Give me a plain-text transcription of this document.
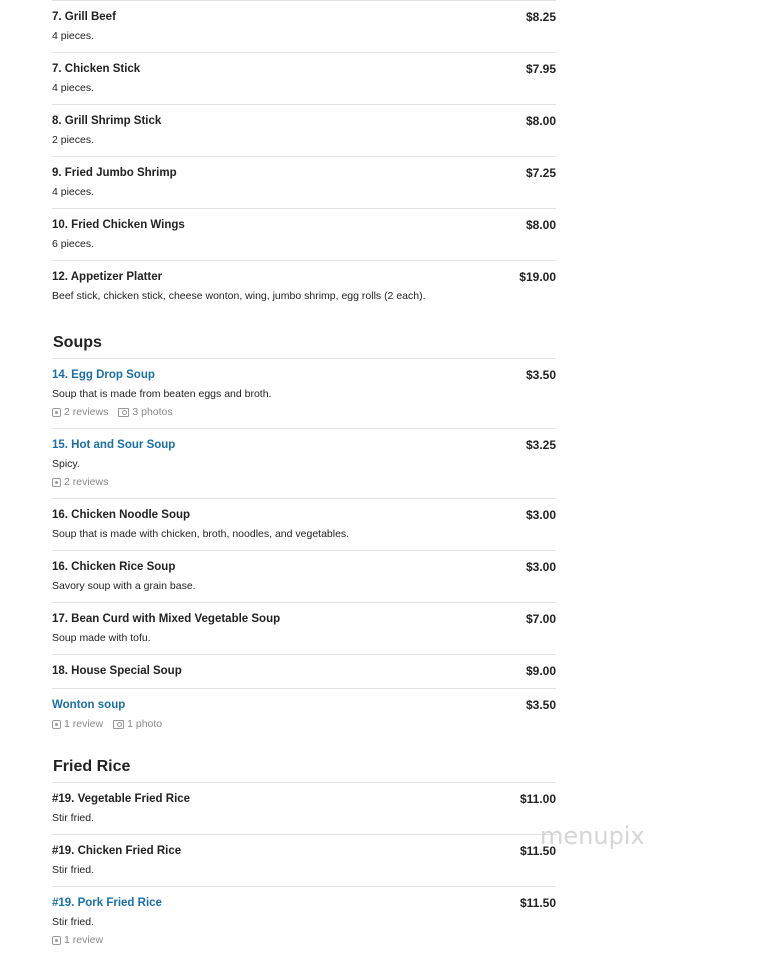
7. Grill Beef	$8.25
4 pieces.
7. Chicken Stick	$7.95
4 pieces.
8. Grill Shrimp Stick	$8.00
2 pieces.
9. Fried Jumbo Shrimp	$7.25
4 pieces.
10. Fried Chicken Wings	$8.00
6 pieces.
12. Appetizer Platter	$19.00
Beef stick, chicken stick, cheese wonton, wing, jumbo shrimp, egg rolls (2 each).
Soups
14. Egg Drop Soup	$3.50
Soup that is made from beaten eggs and broth.
2 reviews 3 photos
15. Hot and Sour Soup	$3.25
Spicy.
2 reviews
16. Chicken Noodle Soup	$3.00
Soup that is made with chicken, broth, noodles, and vegetables.
16. Chicken Rice Soup	$3.00
Savory soup with a grain base.
17. Bean Curd with Mixed Vegetable Soup	$7.00
Soup made with tofu.
18. House Special Soup	$9.00
Wonton soup	$3.50
1 review 1 photo
Fried Rice
#19. Vegetable Fried Rice	$11.00
Stir fried.
#19. Chicken Fried Rice	$11.50
Stir fried.
#19. Pork Fried Rice	$11.50
Stir fried.
1 review
menupix
